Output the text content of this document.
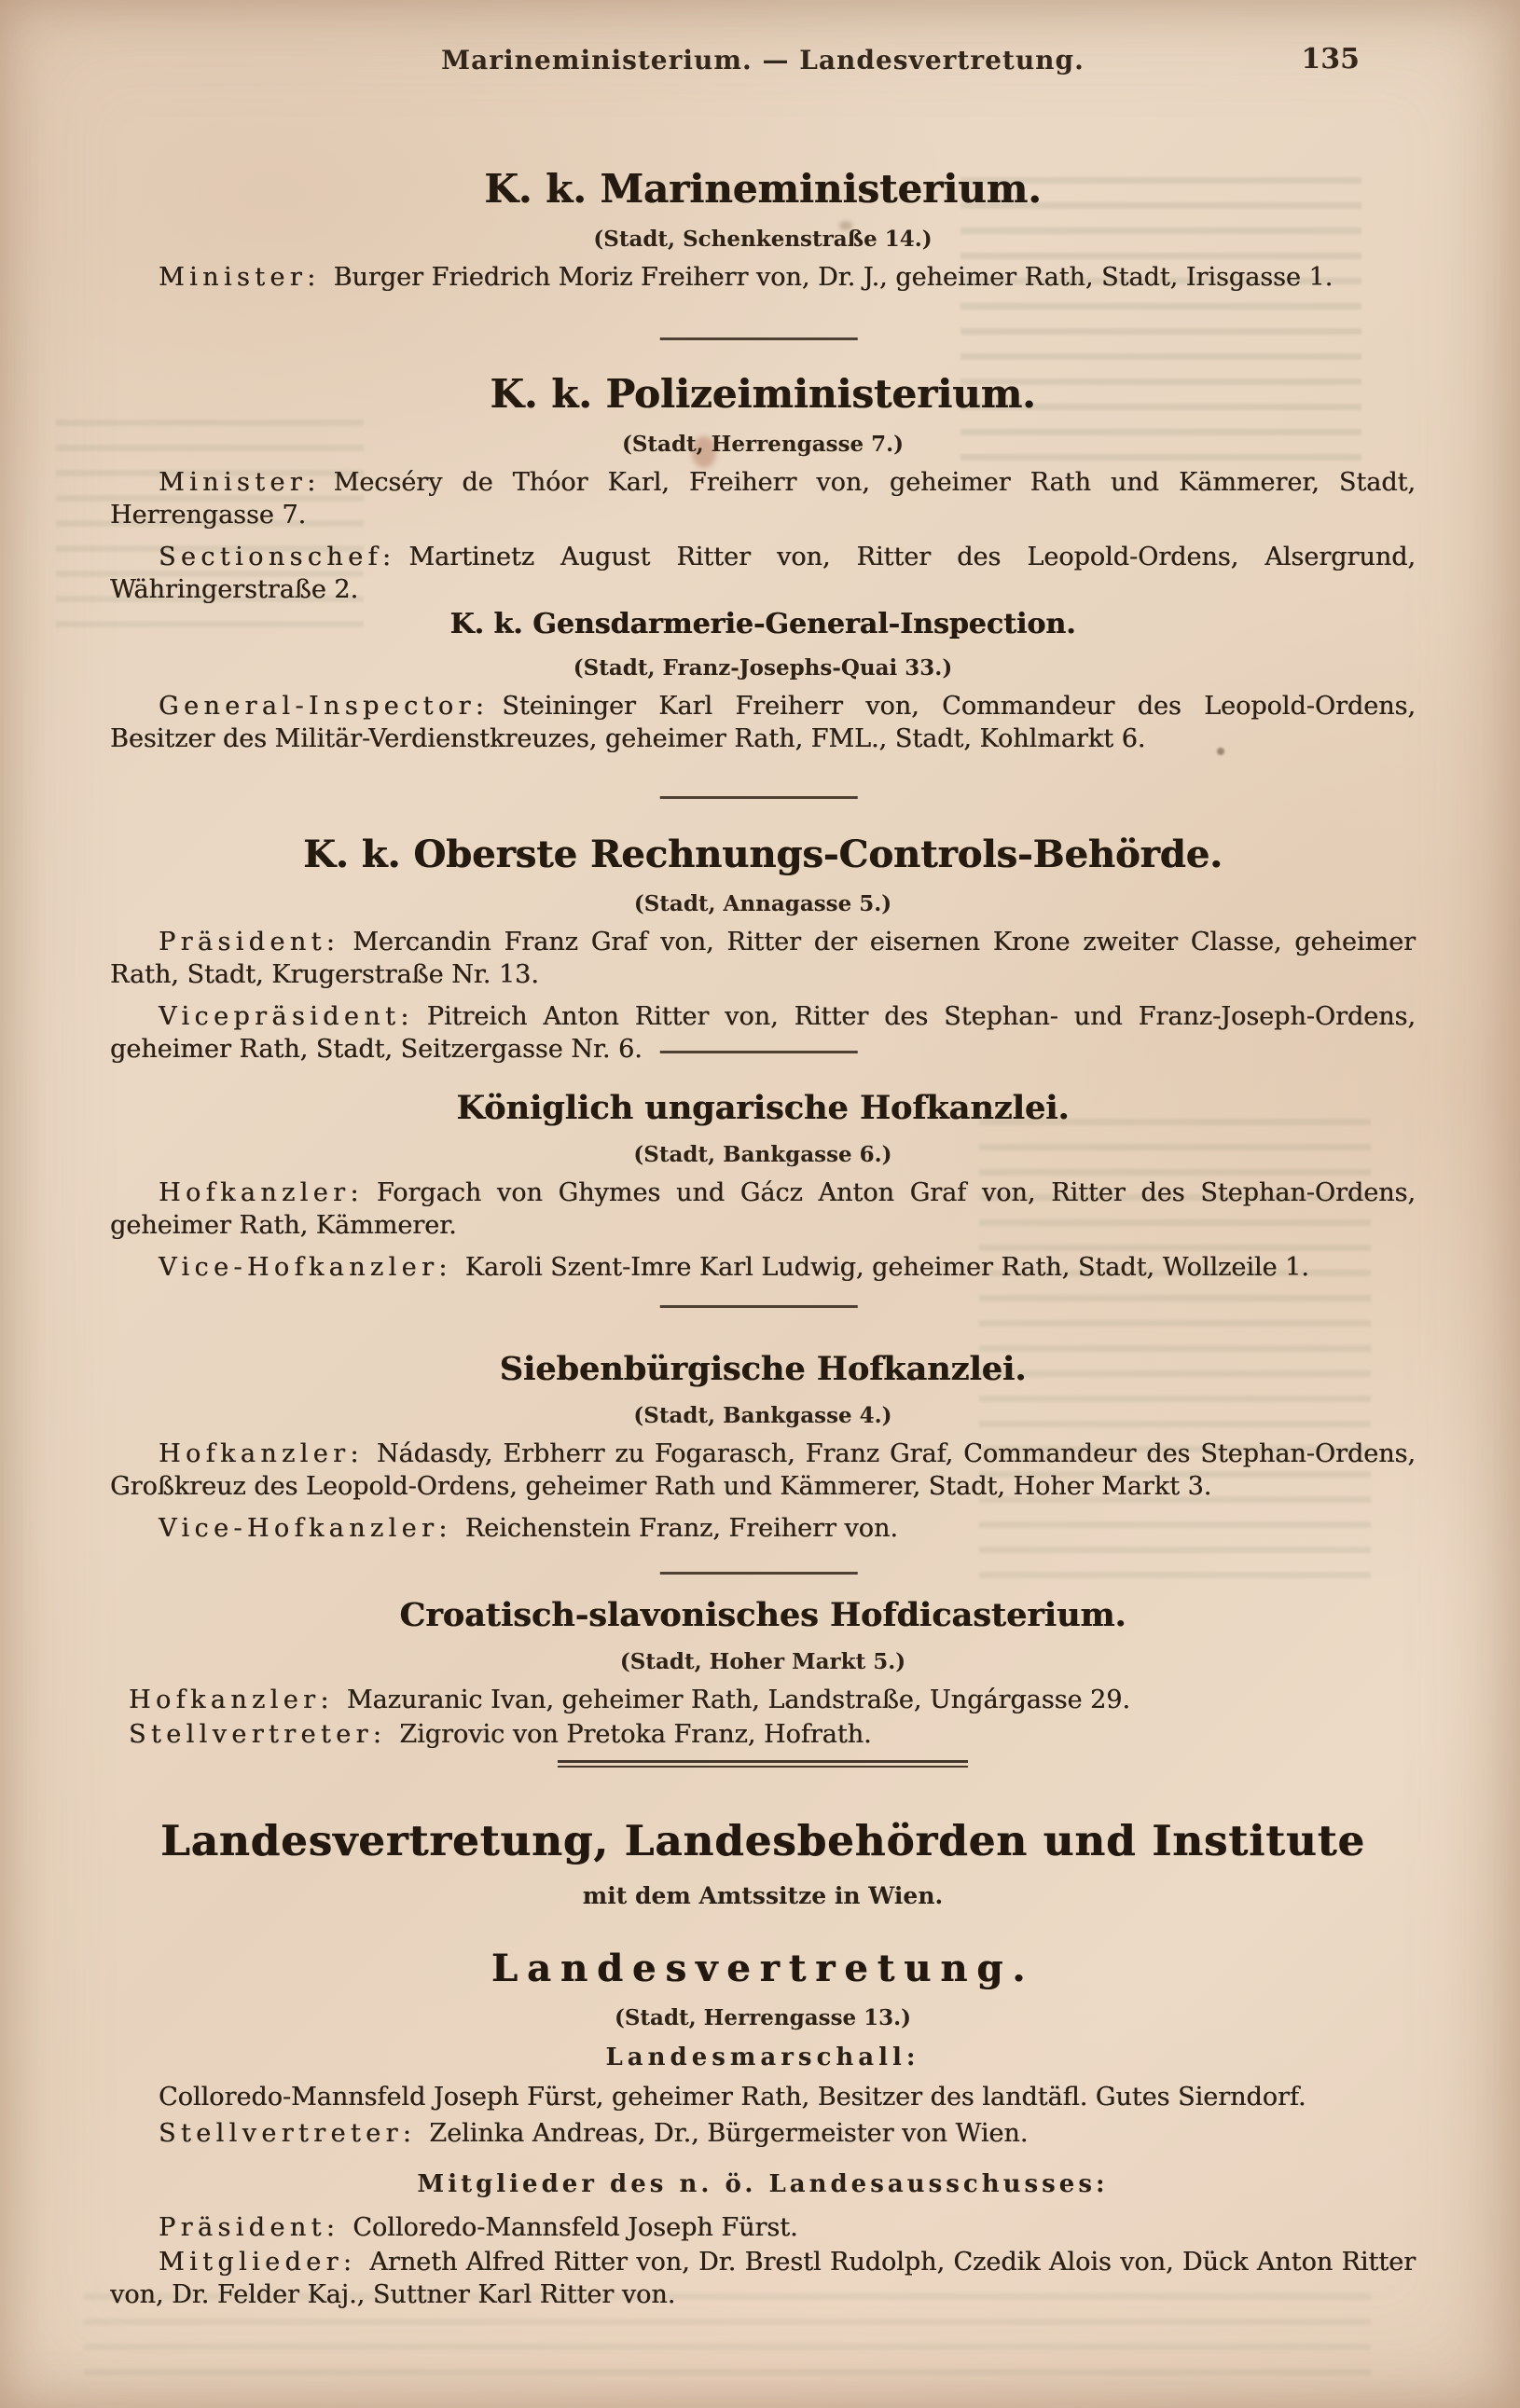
Marineministerium. — Landesvertretung.
K. k. Marineministerium.
(Stadt, Schenkenstraße 14.)

Minister: Burger Friedrich Moriz Freiherr von, Dr. J., geheimer Rath, Stadt, Irisgasse 1.

K. k. Polizeiministerium.
(Stadt, Herrengasse 7.)

Minister: Mecséry de Thóor Karl, Freiherr von, geheimer Rath und Kämmerer, Stadt, Herrengasse 7.

Sectionschef: Martinetz August Ritter von, Ritter des Leopold-Ordens, Alsergrund, Währingerstraße 2.

K. k. Gensdarmerie-General-Inspection.
(Stadt, Franz-Josephs-Quai 33.)

General-Inspector: Steininger Karl Freiherr von, Commandeur des Leopold-Ordens, Besitzer des Militär-Verdienstkreuzes, geheimer Rath, FML., Stadt, Kohlmarkt 6.

K. k. Oberste Rechnungs-Controls-Behörde.
(Stadt, Annagasse 5.)

Präsident: Mercandin Franz Graf von, Ritter der eisernen Krone zweiter Classe, geheimer Rath, Stadt, Krugerstraße Nr. 13.

Vicepräsident: Pitreich Anton Ritter von, Ritter des Stephan- und Franz-Joseph-Ordens, geheimer Rath, Stadt, Seitzergasse Nr. 6.

Königlich ungarische Hofkanzlei.
(Stadt, Bankgasse 6.)

Hofkanzler: Forgach von Ghymes und Gácz Anton Graf von, Ritter des Stephan-Ordens, geheimer Rath, Kämmerer.

Vice-Hofkanzler: Karoli Szent-Imre Karl Ludwig, geheimer Rath, Stadt, Wollzeile 1.

Siebenbürgische Hofkanzlei.
(Stadt, Bankgasse 4.)

Hofkanzler: Nádasdy, Erbherr zu Fogarasch, Franz Graf, Commandeur des Stephan-Ordens, Großkreuz des Leopold-Ordens, geheimer Rath und Kämmerer, Stadt, Hoher Markt 3.

Vice-Hofkanzler: Reichenstein Franz, Freiherr von.

Croatisch-slavonisches Hofdicasterium.
(Stadt, Hoher Markt 5.)

Hofkanzler: Mazuranic Ivan, geheimer Rath, Landstraße, Ungárgasse 29.

Stellvertreter: Zigrovic von Pretoka Franz, Hofrath.

Landesvertretung, Landesbehörden und Institute
mit dem Amtssitze in Wien.
Landesvertretung.
(Stadt, Herrengasse 13.)
Landesmarschall:

Colloredo-Mannsfeld Joseph Fürst, geheimer Rath, Besitzer des landtäfl. Gutes Sierndorf.

Stellvertreter: Zelinka Andreas, Dr., Bürgermeister von Wien.

Mitglieder des n. ö. Landesausschusses:

Präsident: Colloredo-Mannsfeld Joseph Fürst.

Mitglieder: Arneth Alfred Ritter von, Dr. Brestl Rudolph, Czedik Alois von, Dück Anton Ritter von, Dr. Felder Kaj., Suttner Karl Ritter von.

135
